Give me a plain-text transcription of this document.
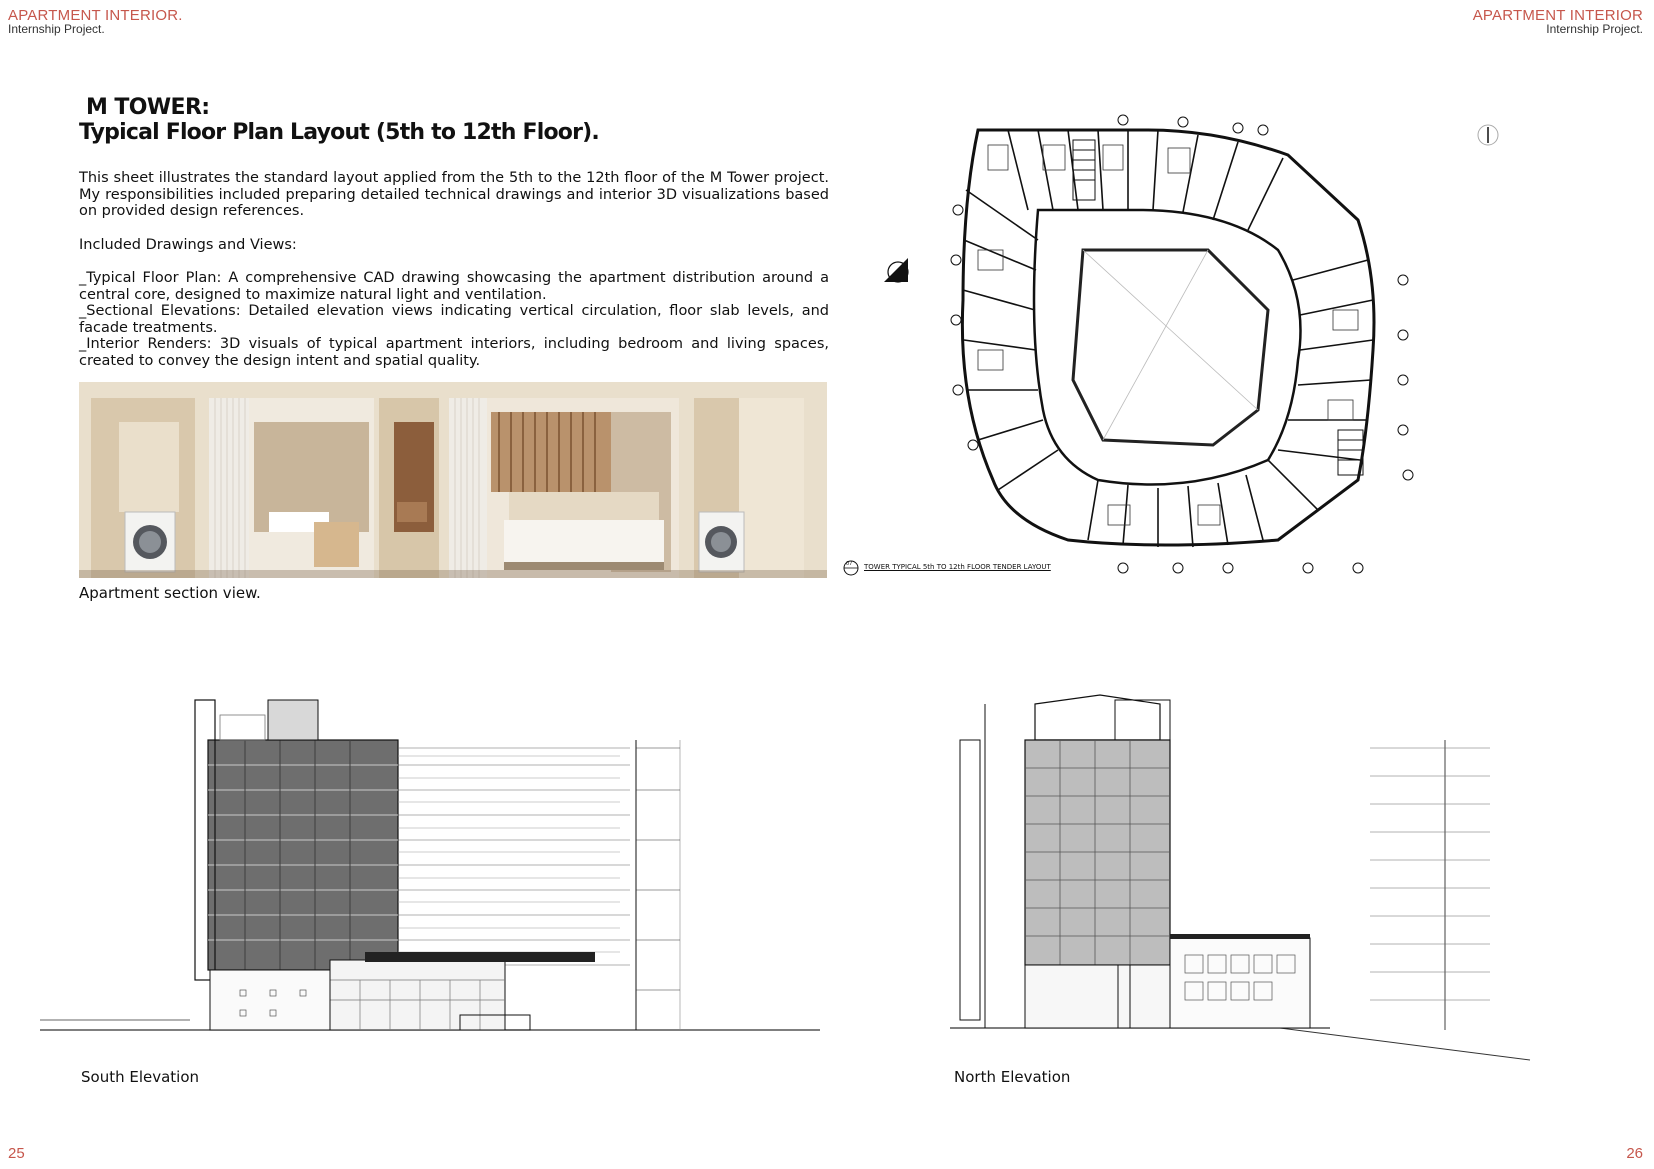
APARTMENT INTERIOR.
Internship Project.
APARTMENT INTERIOR
Internship Project.
M TOWER:
Typical Floor Plan Layout (5th to 12th Floor).

This sheet illustrates the standard layout applied from the 5th to the 12th floor of the M Tower project. My responsibilities included preparing detailed technical drawings and interior 3D visualizations based on provided design references.

Included Drawings and Views:

_Typical Floor Plan: A comprehensive CAD drawing showcasing the apartment distribution around a central core, designed to maximize natural light and ventilation.

_Sectional Elevations: Detailed elevation views indicating vertical circulation, floor slab levels, and facade treatments.

_Interior Renders: 3D visuals of typical apartment interiors, including bedroom and living spaces, created to convey the design intent and spatial quality.

Apartment section view.
07 TOWER TYPICAL 5th TO 12th FLOOR TENDER LAYOUT
South Elevation	North Elevation
25	26
